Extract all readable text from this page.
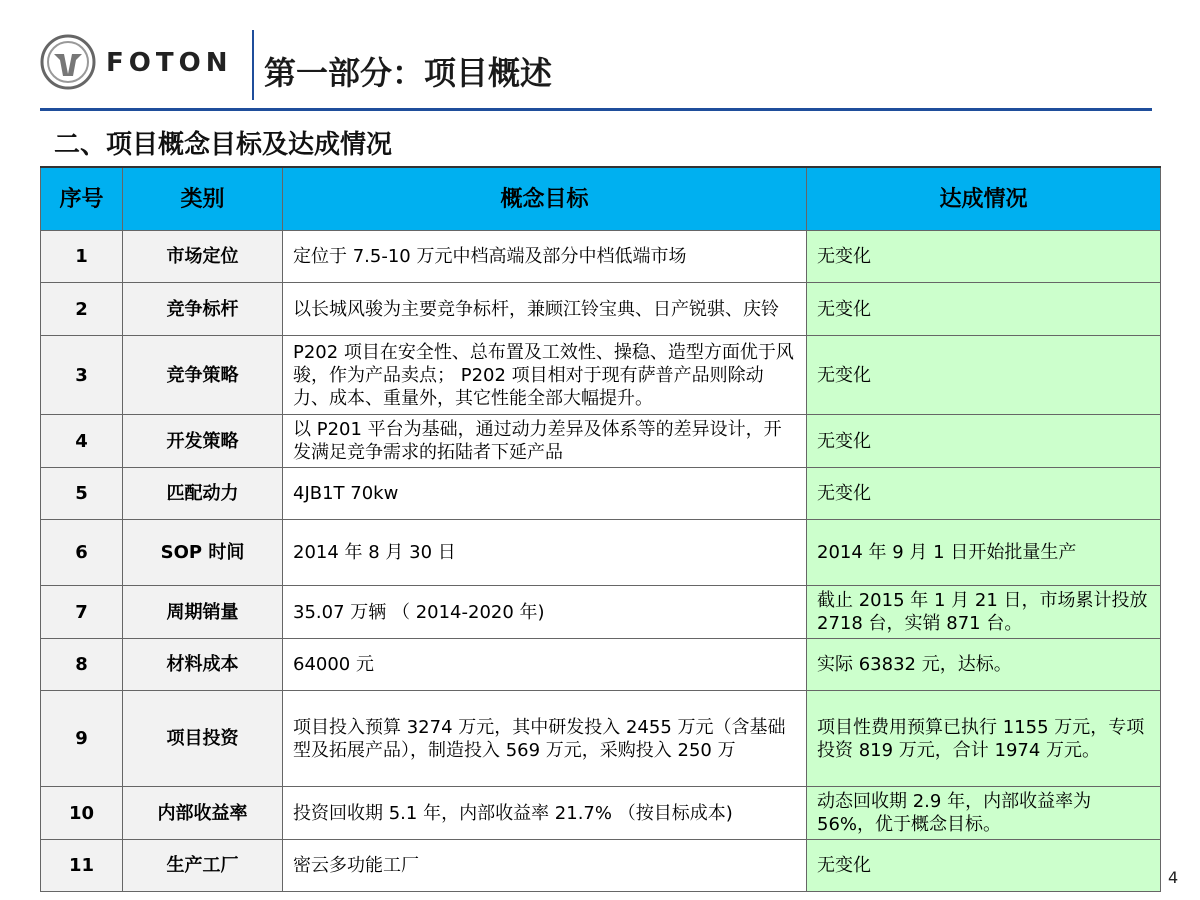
FOTON 第一部分：项目概述
二、项目概念目标及达成情况
序号	类别	概念目标	达成情况
1	市场定位	定位于 7.5-10 万元中档高端及部分中档低端市场	无变化
2	竞争标杆	以长城风骏为主要竞争标杆，兼顾江铃宝典、日产锐骐、庆铃	无变化
3	竞争策略	P202 项目在安全性、总布置及工效性、操稳、造型方面优于风骏，作为产品卖点； P202 项目相对于现有萨普产品则除动力、成本、重量外，其它性能全部大幅提升。	无变化
4	开发策略	以 P201 平台为基础，通过动力差异及体系等的差异设计，开发满足竞争需求的拓陆者下延产品	无变化
5	匹配动力	4JB1T 70kw	无变化
6	SOP 时间	2014 年 8 月 30 日	2014 年 9 月 1 日开始批量生产
7	周期销量	35.07 万辆 （ 2014-2020 年)	截止 2015 年 1 月 21 日，市场累计投放 2718 台，实销 871 台。
8	材料成本	64000 元	实际 63832 元，达标。
9	项目投资	项目投入预算 3274 万元，其中研发投入 2455 万元（含基础型及拓展产品），制造投入 569 万元，采购投入 250 万	项目性费用预算已执行 1155 万元，专项投资 819 万元，合计 1974 万元。
10	内部收益率	投资回收期 5.1 年，内部收益率 21.7% （按目标成本)	动态回收期 2.9 年，内部收益率为 56%，优于概念目标。
11	生产工厂	密云多功能工厂	无变化
4
